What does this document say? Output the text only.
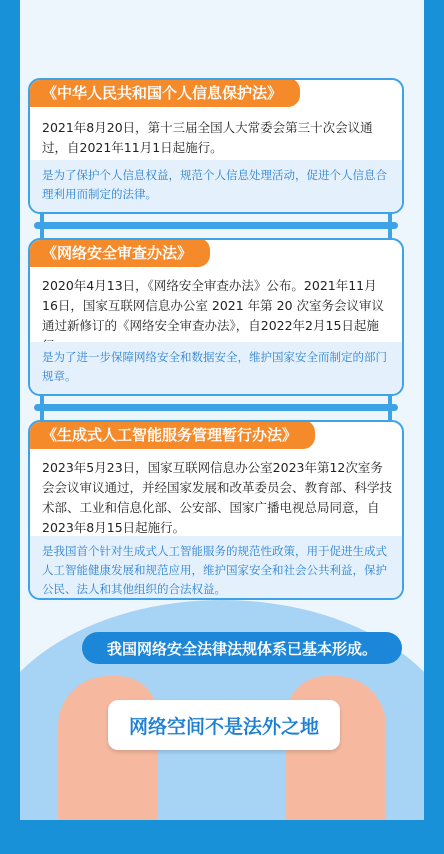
《中华人民共和国个人信息保护法》
2021年8月20日，第十三届全国人大常委会第三十次会议通过，自2021年11月1日起施行。
是为了保护个人信息权益，规范个人信息处理活动，促进个人信息合理利用而制定的法律。
《网络安全审查办法》
2020年4月13日，《网络安全审查办法》公布。2021年11月16日，国家互联网信息办公室 2021 年第 20 次室务会议审议通过新修订的《网络安全审查办法》，自2022年2月15日起施
是为了进一步保障网络安全和数据安全，维护国家安全而制定的部门规章。
《生成式人工智能服务管理暂行办法》
2023年5月23日，国家互联网信息办公室2023年第12次室务会会议审议通过，并经国家发展和改革委员会、教育部、科学技术部、工业和信息化部、公安部、国家广播电视总局同意，自2023年8月15日起施行。
是我国首个针对生成式人工智能服务的规范性政策，用于促进生成式人工智能健康发展和规范应用，维护国家安全和社会公共利益，保护公民、法人和其他组织的合法权益。
我国网络安全法律法规体系已基本形成。
网络空间不是法外之地
